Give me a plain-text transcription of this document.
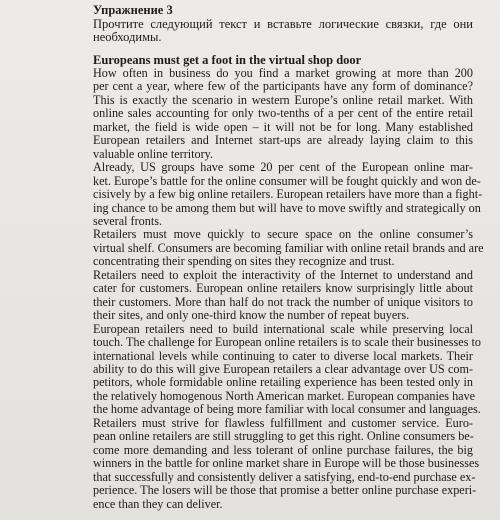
Упражнение 3
Прочтите следующий текст и вставьте логические связки, где они
необходимы.
Europeans must get a foot in the virtual shop door
How often in business do you find a market growing at more than 200
per cent a year, where few of the participants have any form of dominance?
This is exactly the scenario in western Europe’s online retail market. With
online sales accounting for only two-tenths of a per cent of the entire retail
market, the field is wide open – it will not be for long. Many established
European retailers and Internet start-ups are already laying claim to this
valuable online territory.
Already, US groups have some 20 per cent of the European online mar-
ket. Europe’s battle for the online consumer will be fought quickly and won de-
cisively by a few big online retailers. European retailers have more than a fight-
ing chance to be among them but will have to move swiftly and strategically on
several fronts.
Retailers must move quickly to secure space on the online consumer’s
virtual shelf. Consumers are becoming familiar with online retail brands and are
concentrating their spending on sites they recognize and trust.
Retailers need to exploit the interactivity of the Internet to understand and
cater for customers. European online retailers know surprisingly little about
their customers. More than half do not track the number of unique visitors to
their sites, and only one-third know the number of repeat buyers.
European retailers need to build international scale while preserving local
touch. The challenge for European online retailers is to scale their businesses to
international levels while continuing to cater to diverse local markets. Their
ability to do this will give European retailers a clear advantage over US com-
petitors, whole formidable online retailing experience has been tested only in
the relatively homogenous North American market. European companies have
the home advantage of being more familiar with local consumer and languages.
Retailers must strive for flawless fulfillment and customer service. Euro-
pean online retailers are still struggling to get this right. Online consumers be-
come more demanding and less tolerant of online purchase failures, the big
winners in the battle for online market share in Europe will be those businesses
that successfully and consistently deliver a satisfying, end-to-end purchase ex-
perience. The losers will be those that promise a better online purchase experi-
ence than they can deliver.
